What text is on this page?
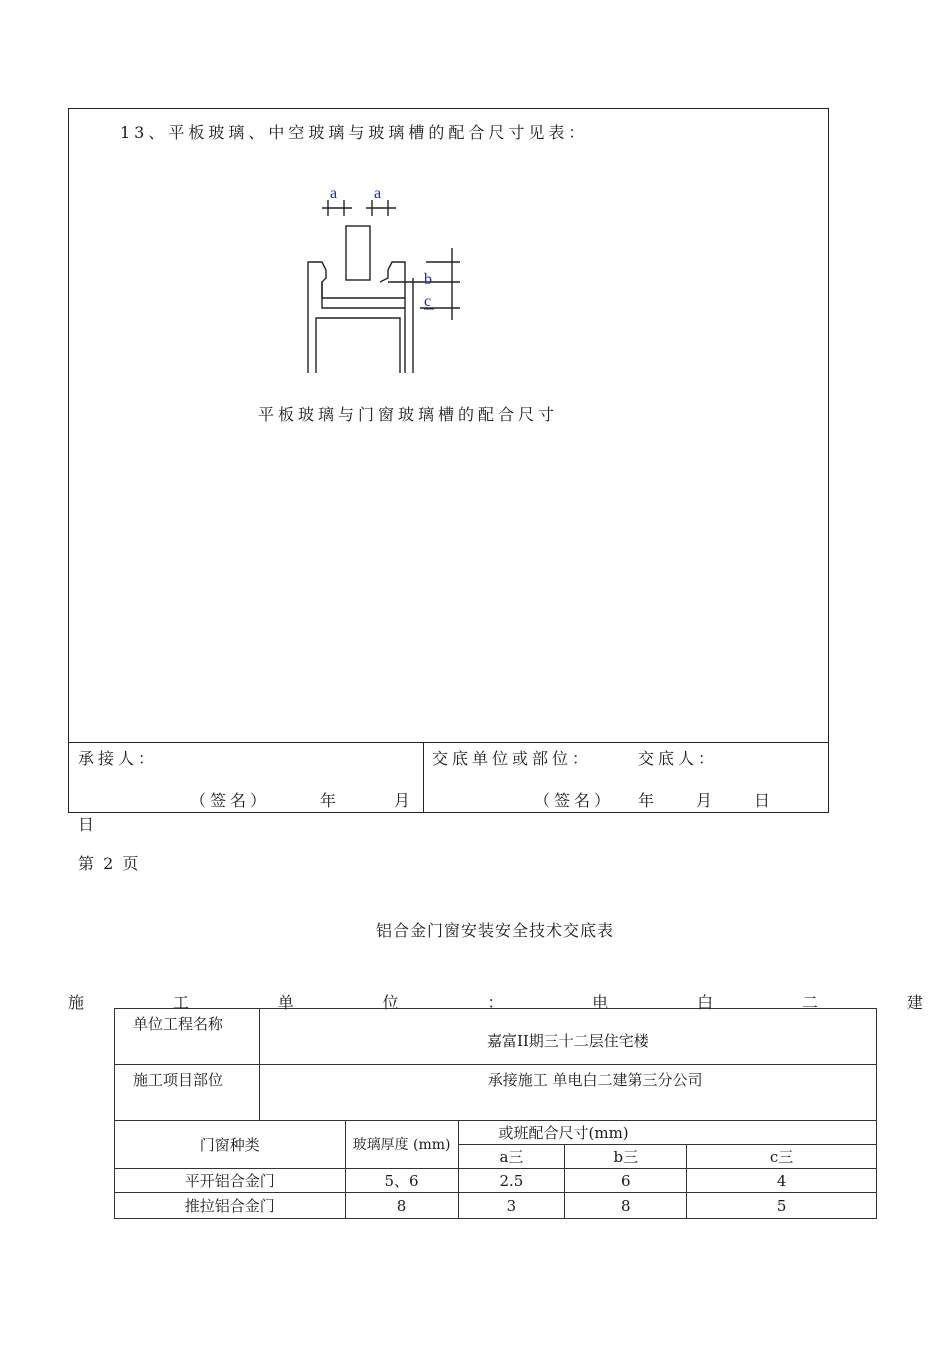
13、平板玻璃、中空玻璃与玻璃槽的配合尺寸见表：
a a
b
c
平板玻璃与门窗玻璃槽的配合尺寸
承接人：
（签名）	年	月
日
交底单位或部位：	交底人：
（签名） 年	月	日
第 2 页
铝合金门窗安装安全技术交底表
施	工	单	位	：	电	白	二	建
单位工程名称	嘉富II期三十二层住宅楼				
施工项目部位	承接施工 单电白二建第三分公司				
门窗种类		玻璃厚度 (mm)	或班配合尺寸(mm)		
			a三	b三	c三
平开铝合金门		5、6	2.5	6	4
推拉铝合金门		8	3	8	5
